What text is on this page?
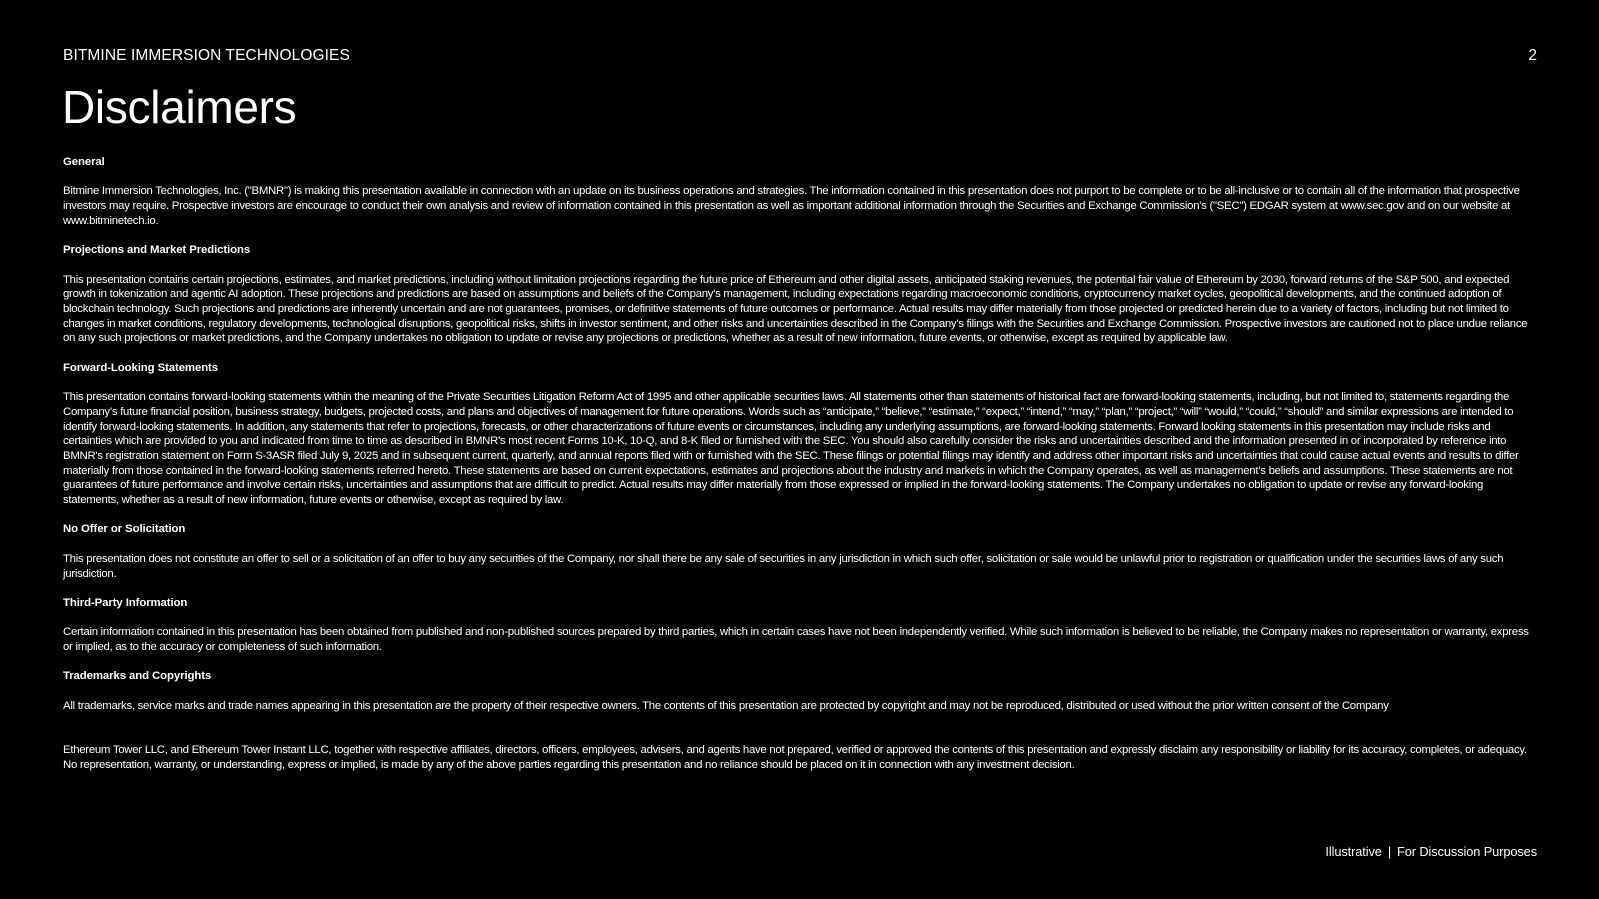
BITMINE IMMERSION TECHNOLOGIES	2
Disclaimers

General

Bitmine Immersion Technologies, Inc. ("BMNR") is making this presentation available in connection with an update on its business operations and strategies. The information contained in this presentation does not purport to be complete or to be all-inclusive or to contain all of the information that prospective investors may require. Prospective investors are encourage to conduct their own analysis and review of information contained in this presentation as well as important additional information through the Securities and Exchange Commission's ("SEC") EDGAR system at www.sec.gov and on our website at www.bitminetech.io.

Projections and Market Predictions

This presentation contains certain projections, estimates, and market predictions, including without limitation projections regarding the future price of Ethereum and other digital assets, anticipated staking revenues, the potential fair value of Ethereum by 2030, forward returns of the S&P 500, and expected growth in tokenization and agentic AI adoption. These projections and predictions are based on assumptions and beliefs of the Company's management, including expectations regarding macroeconomic conditions, cryptocurrency market cycles, geopolitical developments, and the continued adoption of blockchain technology. Such projections and predictions are inherently uncertain and are not guarantees, promises, or definitive statements of future outcomes or performance. Actual results may differ materially from those projected or predicted herein due to a variety of factors, including but not limited to changes in market conditions, regulatory developments, technological disruptions, geopolitical risks, shifts in investor sentiment, and other risks and uncertainties described in the Company's filings with the Securities and Exchange Commission. Prospective investors are cautioned not to place undue reliance on any such projections or market predictions, and the Company undertakes no obligation to update or revise any projections or predictions, whether as a result of new information, future events, or otherwise, except as required by applicable law.

Forward-Looking Statements

This presentation contains forward-looking statements within the meaning of the Private Securities Litigation Reform Act of 1995 and other applicable securities laws. All statements other than statements of historical fact are forward-looking statements, including, but not limited to, statements regarding the Company’s future financial position, business strategy, budgets, projected costs, and plans and objectives of management for future operations. Words such as “anticipate,” “believe,” “estimate,” “expect,” “intend,” “may,” “plan,” “project,” “will” “would,” “could,” “should” and similar expressions are intended to identify forward-looking statements. In addition, any statements that refer to projections, forecasts, or other characterizations of future events or circumstances, including any underlying assumptions, are forward-looking statements. Forward looking statements in this presentation may include risks and certainties which are provided to you and indicated from time to time as described in BMNR's most recent Forms 10-K, 10-Q, and 8-K filed or furnished with the SEC. You should also carefully consider the risks and uncertainties described and the information presented in or incorporated by reference into BMNR's registration statement on Form S-3ASR filed July 9, 2025 and in subsequent current, quarterly, and annual reports filed with or furnished with the SEC. These filings or potential filings may identify and address other important risks and uncertainties that could cause actual events and results to differ materially from those contained in the forward-looking statements referred hereto. These statements are based on current expectations, estimates and projections about the industry and markets in which the Company operates, as well as management’s beliefs and assumptions. These statements are not guarantees of future performance and involve certain risks, uncertainties and assumptions that are difficult to predict. Actual results may differ materially from those expressed or implied in the forward-looking statements. The Company undertakes no obligation to update or revise any forward-looking statements, whether as a result of new information, future events or otherwise, except as required by law.

No Offer or Solicitation

This presentation does not constitute an offer to sell or a solicitation of an offer to buy any securities of the Company, nor shall there be any sale of securities in any jurisdiction in which such offer, solicitation or sale would be unlawful prior to registration or qualification under the securities laws of any such jurisdiction.

Third-Party Information

Certain information contained in this presentation has been obtained from published and non-published sources prepared by third parties, which in certain cases have not been independently verified. While such information is believed to be reliable, the Company makes no representation or warranty, express or implied, as to the accuracy or completeness of such information.

Trademarks and Copyrights

All trademarks, service marks and trade names appearing in this presentation are the property of their respective owners. The contents of this presentation are protected by copyright and may not be reproduced, distributed or used without the prior written consent of the Company

Ethereum Tower LLC, and Ethereum Tower Instant LLC, together with respective affiliates, directors, officers, employees, advisers, and agents have not prepared, verified or approved the contents of this presentation and expressly disclaim any responsibility or liability for its accuracy, completes, or adequacy. No representation, warranty, or understanding, express or implied, is made by any of the above parties regarding this presentation and no reliance should be placed on it in connection with any investment decision.

Illustrative | For Discussion Purposes
